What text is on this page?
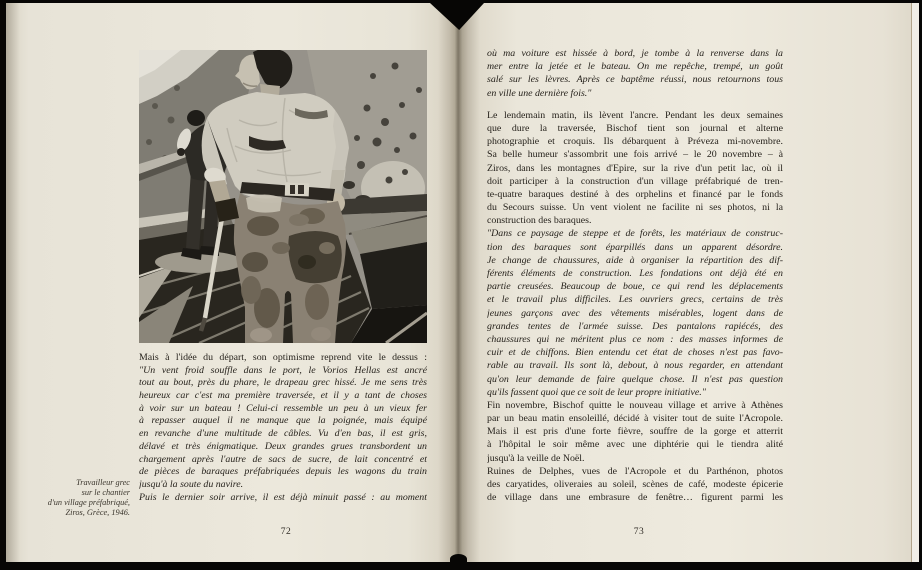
Travailleur grec
sur le chantier
d'un village préfabriqué,
Ziros, Grèce, 1946.
Mais à l'idée du départ, son optimisme reprend vite le dessus :
"Un vent froid souffle dans le port, le Vorios Hellas est ancré
tout au bout, près du phare, le drapeau grec hissé. Je me sens très
heureux car c'est ma première traversée, et il y a tant de choses
à voir sur un bateau ! Celui-ci ressemble un peu à un vieux fer
à repasser auquel il ne manque que la poignée, mais équipé
en revanche d'une multitude de câbles. Vu d'en bas, il est gris,
délavé et très énigmatique. Deux grandes grues transbordent un
chargement après l'autre de sacs de sucre, de lait concentré et
de pièces de baraques préfabriquées depuis les wagons du train
jusqu'à la soute du navire.
Puis le dernier soir arrive, il est déjà minuit passé : au moment
72
où ma voiture est hissée à bord, je tombe à la renverse dans la
mer entre la jetée et le bateau. On me repêche, trempé, un goût
salé sur les lèvres. Après ce baptême réussi, nous retournons tous
en ville une dernière fois."
Le lendemain matin, ils lèvent l'ancre. Pendant les deux semaines
que dure la traversée, Bischof tient son journal et alterne
photographie et croquis. Ils débarquent à Préveza mi-novembre.
Sa belle humeur s'assombrit une fois arrivé – le 20 novembre – à
Ziros, dans les montagnes d'Epire, sur la rive d'un petit lac, où il
doit participer à la construction d'un village préfabriqué de tren-
te-quatre baraques destiné à des orphelins et financé par le fonds
du Secours suisse. Un vent violent ne facilite ni ses photos, ni la
construction des baraques.
"Dans ce paysage de steppe et de forêts, les matériaux de construc-
tion des baraques sont éparpillés dans un apparent désordre.
Je change de chaussures, aide à organiser la répartition des dif-
férents éléments de construction. Les fondations ont déjà été en
partie creusées. Beaucoup de boue, ce qui rend les déplacements
et le travail plus difficiles. Les ouvriers grecs, certains de très
jeunes garçons avec des vêtements misérables, logent dans de
grandes tentes de l'armée suisse. Des pantalons rapiécés, des
chaussures qui ne méritent plus ce nom : des masses informes de
cuir et de chiffons. Bien entendu cet état de choses n'est pas favo-
rable au travail. Ils sont là, debout, à nous regarder, en attendant
qu'on leur demande de faire quelque chose. Il n'est pas question
qu'ils fassent quoi que ce soit de leur propre initiative."
Fin novembre, Bischof quitte le nouveau village et arrive à Athènes
par un beau matin ensoleillé, décidé à visiter tout de suite l'Acropole.
Mais il est pris d'une forte fièvre, souffre de la gorge et atterrit
à l'hôpital le soir même avec une diphtérie qui le tiendra alité
jusqu'à la veille de Noël.
Ruines de Delphes, vues de l'Acropole et du Parthénon, photos
des caryatides, oliveraies au soleil, scènes de café, modeste épicerie
de village dans une embrasure de fenêtre… figurent parmi les
73
